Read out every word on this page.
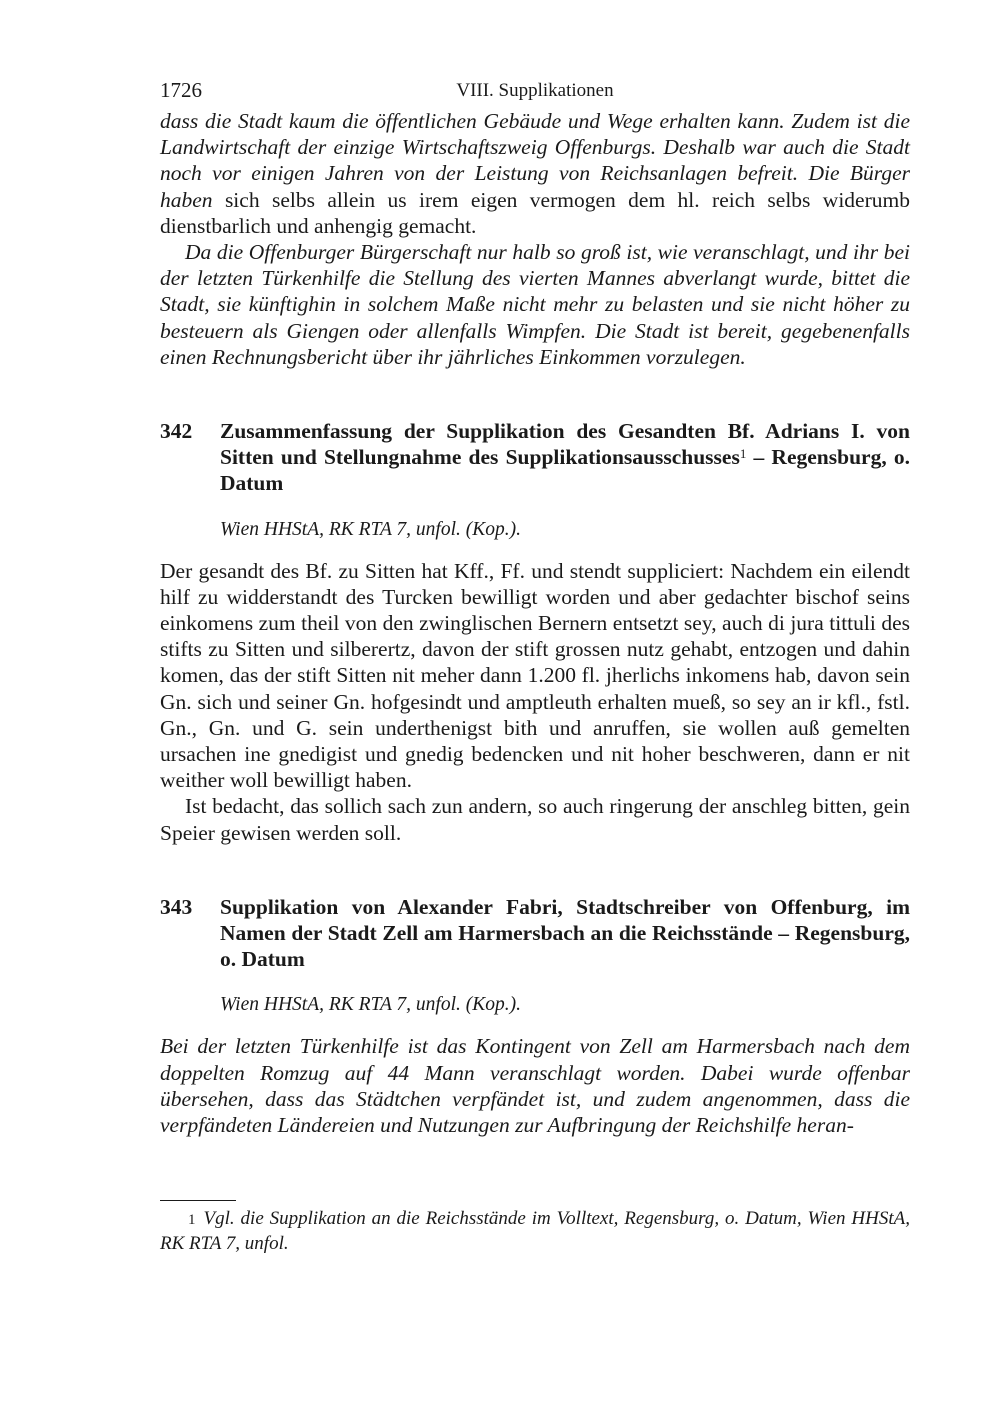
1726	VIII. Supplikationen

dass die Stadt kaum die öffentlichen Gebäude und Wege erhalten kann. Zudem ist die Landwirtschaft der einzige Wirtschaftszweig Offenburgs. Deshalb war auch die Stadt noch vor einigen Jahren von der Leistung von Reichsanlagen befreit. Die Bürger haben sich selbs allein us irem eigen vermogen dem hl. reich selbs widerumb dienstbarlich und anhengig gemacht.

Da die Offenburger Bürgerschaft nur halb so groß ist, wie veranschlagt, und ihr bei der letzten Türkenhilfe die Stellung des vierten Mannes abverlangt wurde, bittet die Stadt, sie künftighin in solchem Maße nicht mehr zu belasten und sie nicht höher zu besteuern als Giengen oder allenfalls Wimpfen. Die Stadt ist bereit, gegebenenfalls einen Rechnungsbericht über ihr jährliches Einkommen vorzulegen.

342	Zusammenfassung der Supplikation des Gesandten Bf. Adrians I. von Sitten und Stellungnahme des Supplikationsausschusses$^1$ – Regensburg, o. Datum
Wien HHStA, RK RTA 7, unfol. (Kop.).

Der gesandt des Bf. zu Sitten hat Kff., Ff. und stendt suppliciert: Nachdem ein eilendt hilf zu widderstandt des Turcken bewilligt worden und aber gedachter bischof seins einkomens zum theil von den zwinglischen Bernern entsetzt sey, auch di jura tittuli des stifts zu Sitten und silberertz, davon der stift grossen nutz gehabt, entzogen und dahin komen, das der stift Sitten nit meher dann 1.200 fl. jherlichs inkomens hab, davon sein Gn. sich und seiner Gn. hofgesindt und amptleuth erhalten mueß, so sey an ir kfl., fstl. Gn., Gn. und G. sein underthenigst bith und anruffen, sie wollen auß gemelten ursachen ine gnedigist und gnedig bedencken und nit hoher beschweren, dann er nit weither woll bewilligt haben.

Ist bedacht, das sollich sach zun andern, so auch ringerung der anschleg bitten, gein Speier gewisen werden soll.

343	Supplikation von Alexander Fabri, Stadtschreiber von Offenburg, im Namen der Stadt Zell am Harmersbach an die Reichsstände – Regensburg, o. Datum
Wien HHStA, RK RTA 7, unfol. (Kop.).

Bei der letzten Türkenhilfe ist das Kontingent von Zell am Harmersbach nach dem doppelten Romzug auf 44 Mann veranschlagt worden. Dabei wurde offenbar übersehen, dass das Städtchen verpfändet ist, und zudem angenommen, dass die verpfändeten Ländereien und Nutzungen zur Aufbringung der Reichshilfe heran-

1 Vgl. die Supplikation an die Reichsstände im Volltext, Regensburg, o. Datum, Wien HHStA, RK RTA 7, unfol.
